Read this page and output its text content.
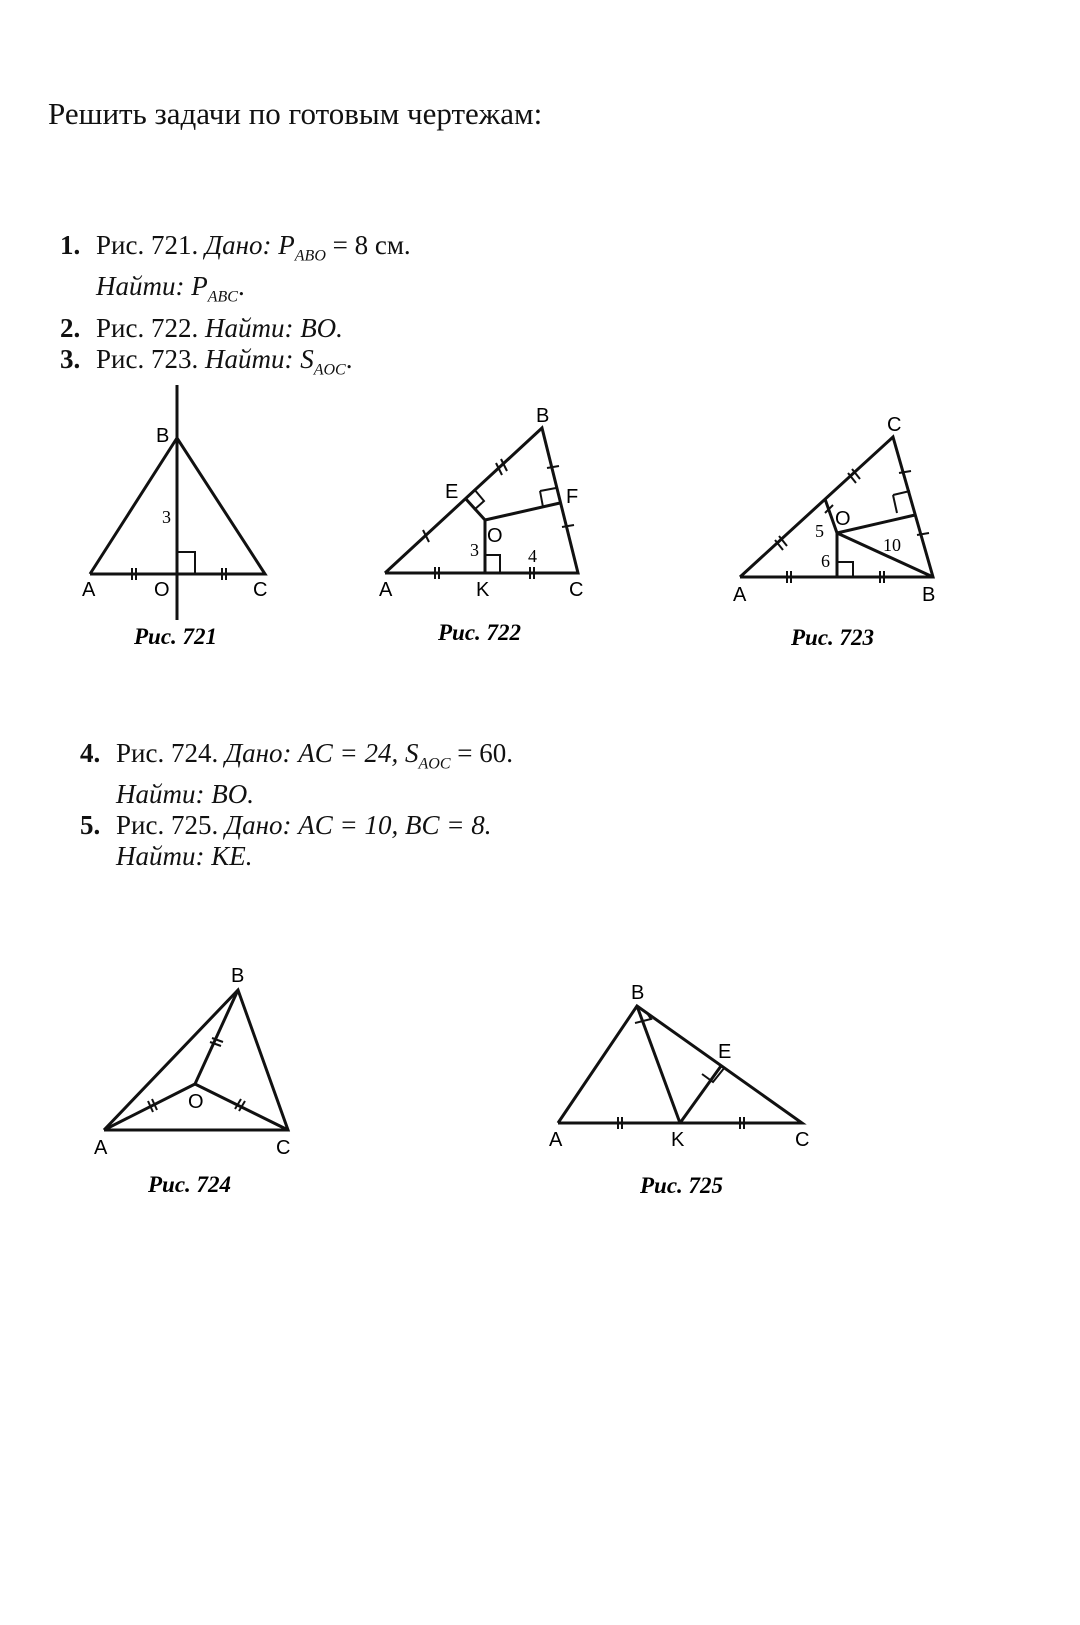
Решить задачи по готовым чертежам:
1. Рис. 721. Дано: $P_{ABO} = 8$ см.
Найти: $P_{ABC}$.
2. Рис. 722. Найти: BO.
3. Рис. 723. Найти: $S_{AOC}$.
B
A	O	C
3
Рис. 721
B
E	F
O
A	K	C
3	4
Рис. 722
C
O
A	B
5
6
10
Рис. 723
4. Рис. 724. Дано: AC = 24, $S_{AOC} = 60$.
Найти: BO.
5. Рис. 725. Дано: AC = 10, BC = 8.
Найти: KE.
B
O
A	C
Рис. 724
B
E
A	K	C
Рис. 725
